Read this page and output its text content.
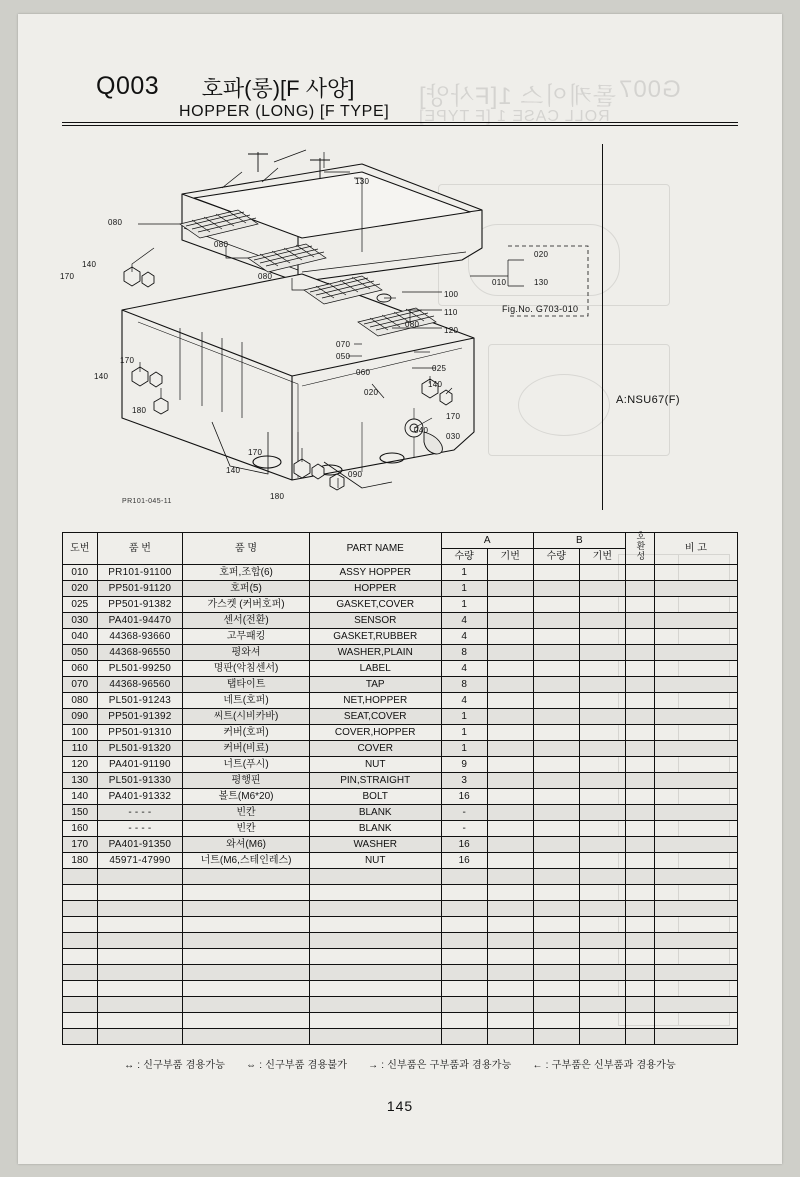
롤케이스 1[F사양]
ROLL CASE 1 [F TYPE]
G007
Q003 호파(롱)[F 사양]
HOPPER (LONG) [F TYPE]
130
080
080
080
080
140
170
170
140
180
100
110
120
070
050
060	025
140
170
040
030
020
170
140
180
090
020
010	130
Fig.No. G703-010
PR101-045-11
A:NSU67(F)
도번	품 번	품 명	PART NAME	A		B		호환성	비 고
				수량	기번	수량	기번		
010	PR101-91100	호퍼,조합(6)	ASSY HOPPER	1					
020	PP501-91120	호퍼(5)	HOPPER	1					
025	PP501-91382	가스켓 (커버호퍼)	GASKET,COVER	1					
030	PA401-94470	센서(전환)	SENSOR	4					
040	44368-93660	고무패킹	GASKET,RUBBER	4					
050	44368-96550	평와셔	WASHER,PLAIN	8					
060	PL501-99250	명판(악침센서)	LABEL	4					
070	44368-96560	탭타이트	TAP	8					
080	PL501-91243	네트(호퍼)	NET,HOPPER	4					
090	PP501-91392	씨트(시비카바)	SEAT,COVER	1					
100	PP501-91310	커버(호퍼)	COVER,HOPPER	1					
110	PL501-91320	커버(비료)	COVER	1					
120	PA401-91190	너트(푸시)	NUT	9					
130	PL501-91330	평행핀	PIN,STRAIGHT	3					
140	PA401-91332	볼트(M6*20)	BOLT	16					
150	- - - -	빈칸	BLANK	-					
160	- - - -	빈칸	BLANK	-					
170	PA401-91350	와셔(M6)	WASHER	16					
180	45971-47990	너트(M6,스테인레스)	NUT	16					

↔ : 신구부품 겸용가능 ⇔ : 신구부품 겸용불가 → : 신부품은 구부품과 겸용가능 ← : 구부품은 신부품과 겸용가능
145
